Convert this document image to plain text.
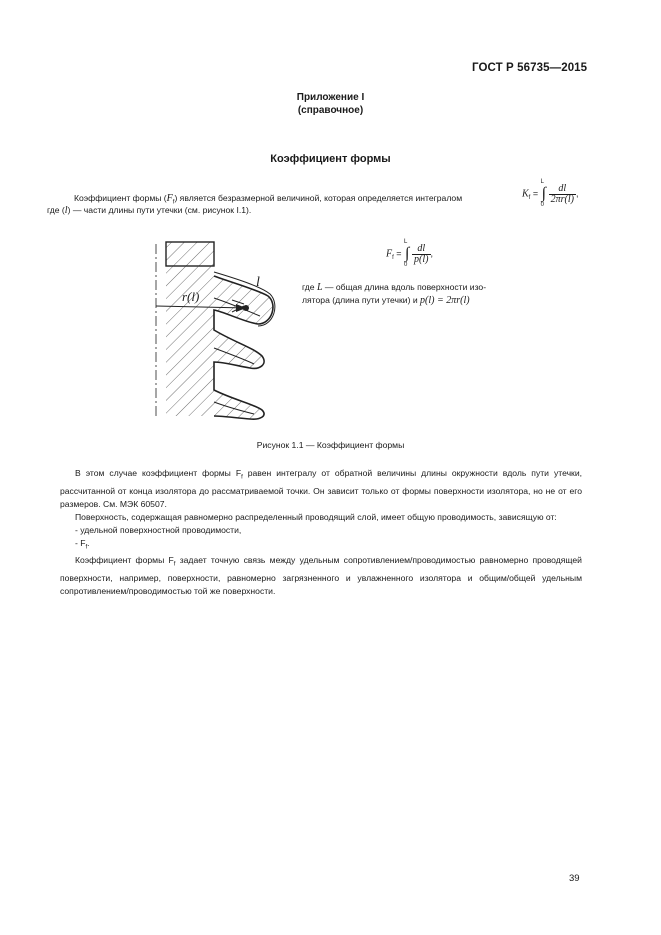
ГОСТ Р 56735—2015
Приложение I
(справочное)
Коэффициент формы
Коэффициент формы $(F_f)$ является безразмерной величиной, которая определяется интегралом
где (l) — части длины пути утечки (см. рисунок I.1).
$K_f$ =
L
∫
0
$\frac{dl}{2\pi r(l)}$ ,
r(l)
l
$F_f$ =
L
∫
0
$\frac{dl}{p(l)}$ ,
где L — общая длина вдоль поверхности изо-
лятора (длина пути утечки) и p(l) = 2πr(l)
Рисунок 1.1 — Коэффициент формы

В этом случае коэффициент формы $F_f$ равен интегралу от обратной величины длины окружности вдоль пути утечки, рассчитанной от конца изолятора до рассматриваемой точки. Он зависит только от формы поверхности изолятора, но не от его размеров. См. МЭК 60507.

Поверхность, содержащая равномерно распределенный проводящий слой, имеет общую проводимость, зависящую от:

- удельной поверхностной проводимости,

- $F_f$.

Коэффициент формы $F_f$ задает точную связь между удельным сопротивлением/проводимостью равномерно проводящей поверхности, например, поверхности, равномерно загрязненного и увлажненного изолятора и общим/общей удельным сопротивлением/проводимостью той же поверхности.

39
